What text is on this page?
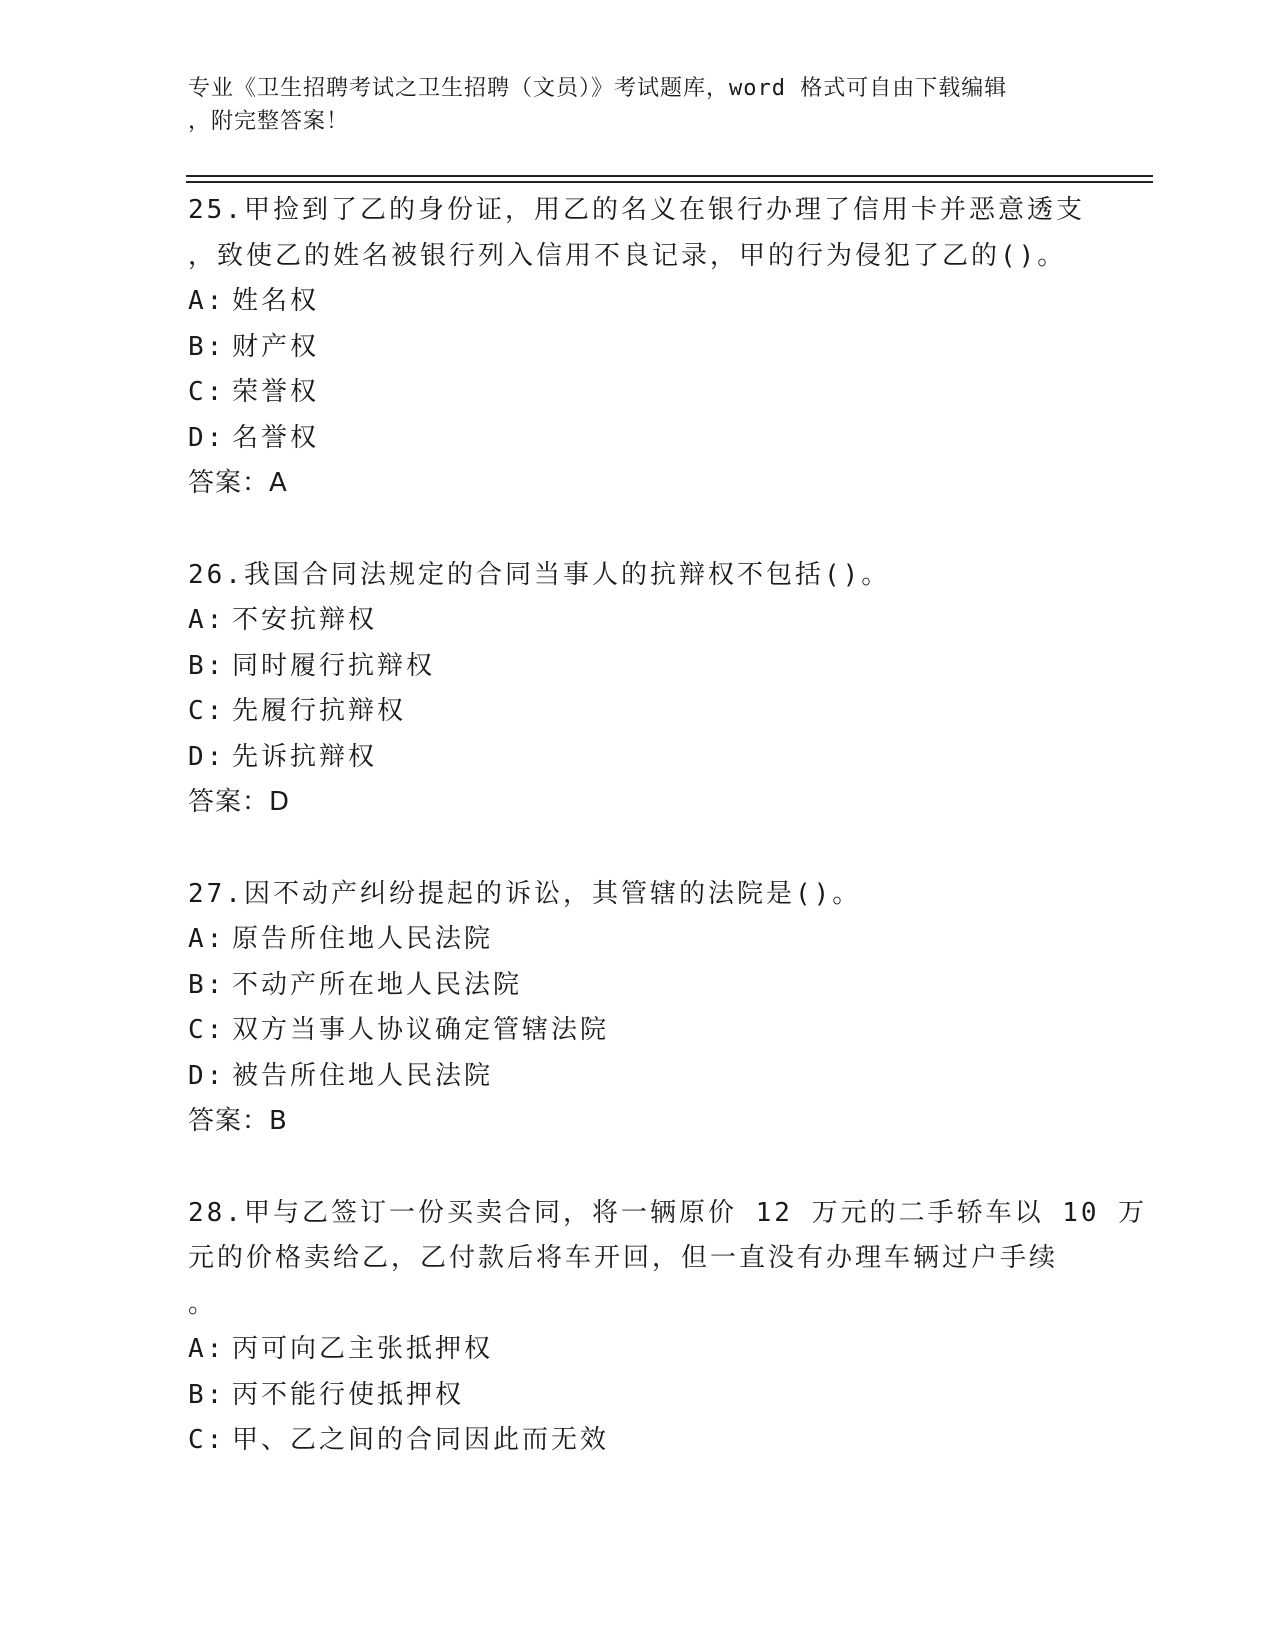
专业《卫生招聘考试之卫生招聘（文员）》考试题库，word 格式可自由下载编辑
，附完整答案！
25.甲捡到了乙的身份证，用乙的名义在银行办理了信用卡并恶意透支
，致使乙的姓名被银行列入信用不良记录，甲的行为侵犯了乙的()。
A: 姓名权
B: 财产权
C: 荣誉权
D: 名誉权
答案：A
26.我国合同法规定的合同当事人的抗辩权不包括()。
A: 不安抗辩权
B: 同时履行抗辩权
C: 先履行抗辩权
D: 先诉抗辩权
答案：D
27.因不动产纠纷提起的诉讼，其管辖的法院是()。
A: 原告所住地人民法院
B: 不动产所在地人民法院
C: 双方当事人协议确定管辖法院
D: 被告所住地人民法院
答案：B
28.甲与乙签订一份买卖合同，将一辆原价 12 万元的二手轿车以 10 万
元的价格卖给乙，乙付款后将车开回，但一直没有办理车辆过户手续
。
A: 丙可向乙主张抵押权
B: 丙不能行使抵押权
C: 甲、乙之间的合同因此而无效
